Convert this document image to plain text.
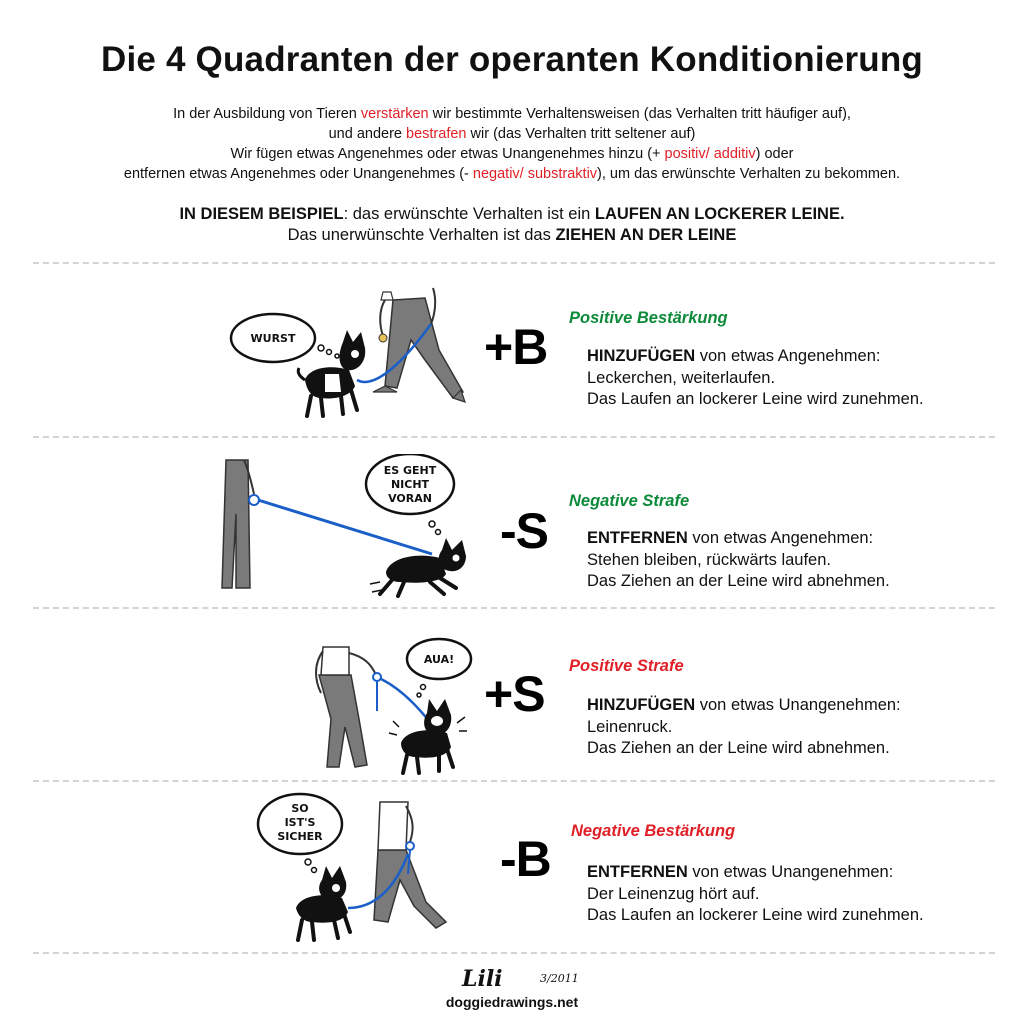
Die 4 Quadranten der operanten Konditionierung
In der Ausbildung von Tieren verstärken wir bestimmte Verhaltensweisen (das Verhalten tritt häufiger auf),
und andere bestrafen wir (das Verhalten tritt seltener auf)
Wir fügen etwas Angenehmes oder etwas Unangenehmes hinzu (+ positiv/ additiv) oder
entfernen etwas Angenehmes oder Unangenehmes (- negativ/ substraktiv), um das erwünschte Verhalten zu bekommen.
IN DIESEM BEISPIEL: das erwünschte Verhalten ist ein LAUFEN AN LOCKERER LEINE.
Das unerwünschte Verhalten ist das ZIEHEN AN DER LEINE
WURST	+B
Positive Bestärkung
HINZUFÜGEN von etwas Angenehmen:
Leckerchen, weiterlaufen.
Das Laufen an lockerer Leine wird zunehmen.
ES GEHT
NICHT
VORAN
-S
Negative Strafe
ENTFERNEN von etwas Angenehmen:
Stehen bleiben, rückwärts laufen.
Das Ziehen an der Leine wird abnehmen.
AUA!
+S Positive Strafe
HINZUFÜGEN von etwas Unangenehmen:
Leinenruck.
Das Ziehen an der Leine wird abnehmen.
SO
IST'S
SICHER	-B Negative Bestärkung
ENTFERNEN von etwas Unangenehmen:
Der Leinenzug hört auf.
Das Laufen an lockerer Leine wird zunehmen.
Lili	3/2011
doggiedrawings.net
